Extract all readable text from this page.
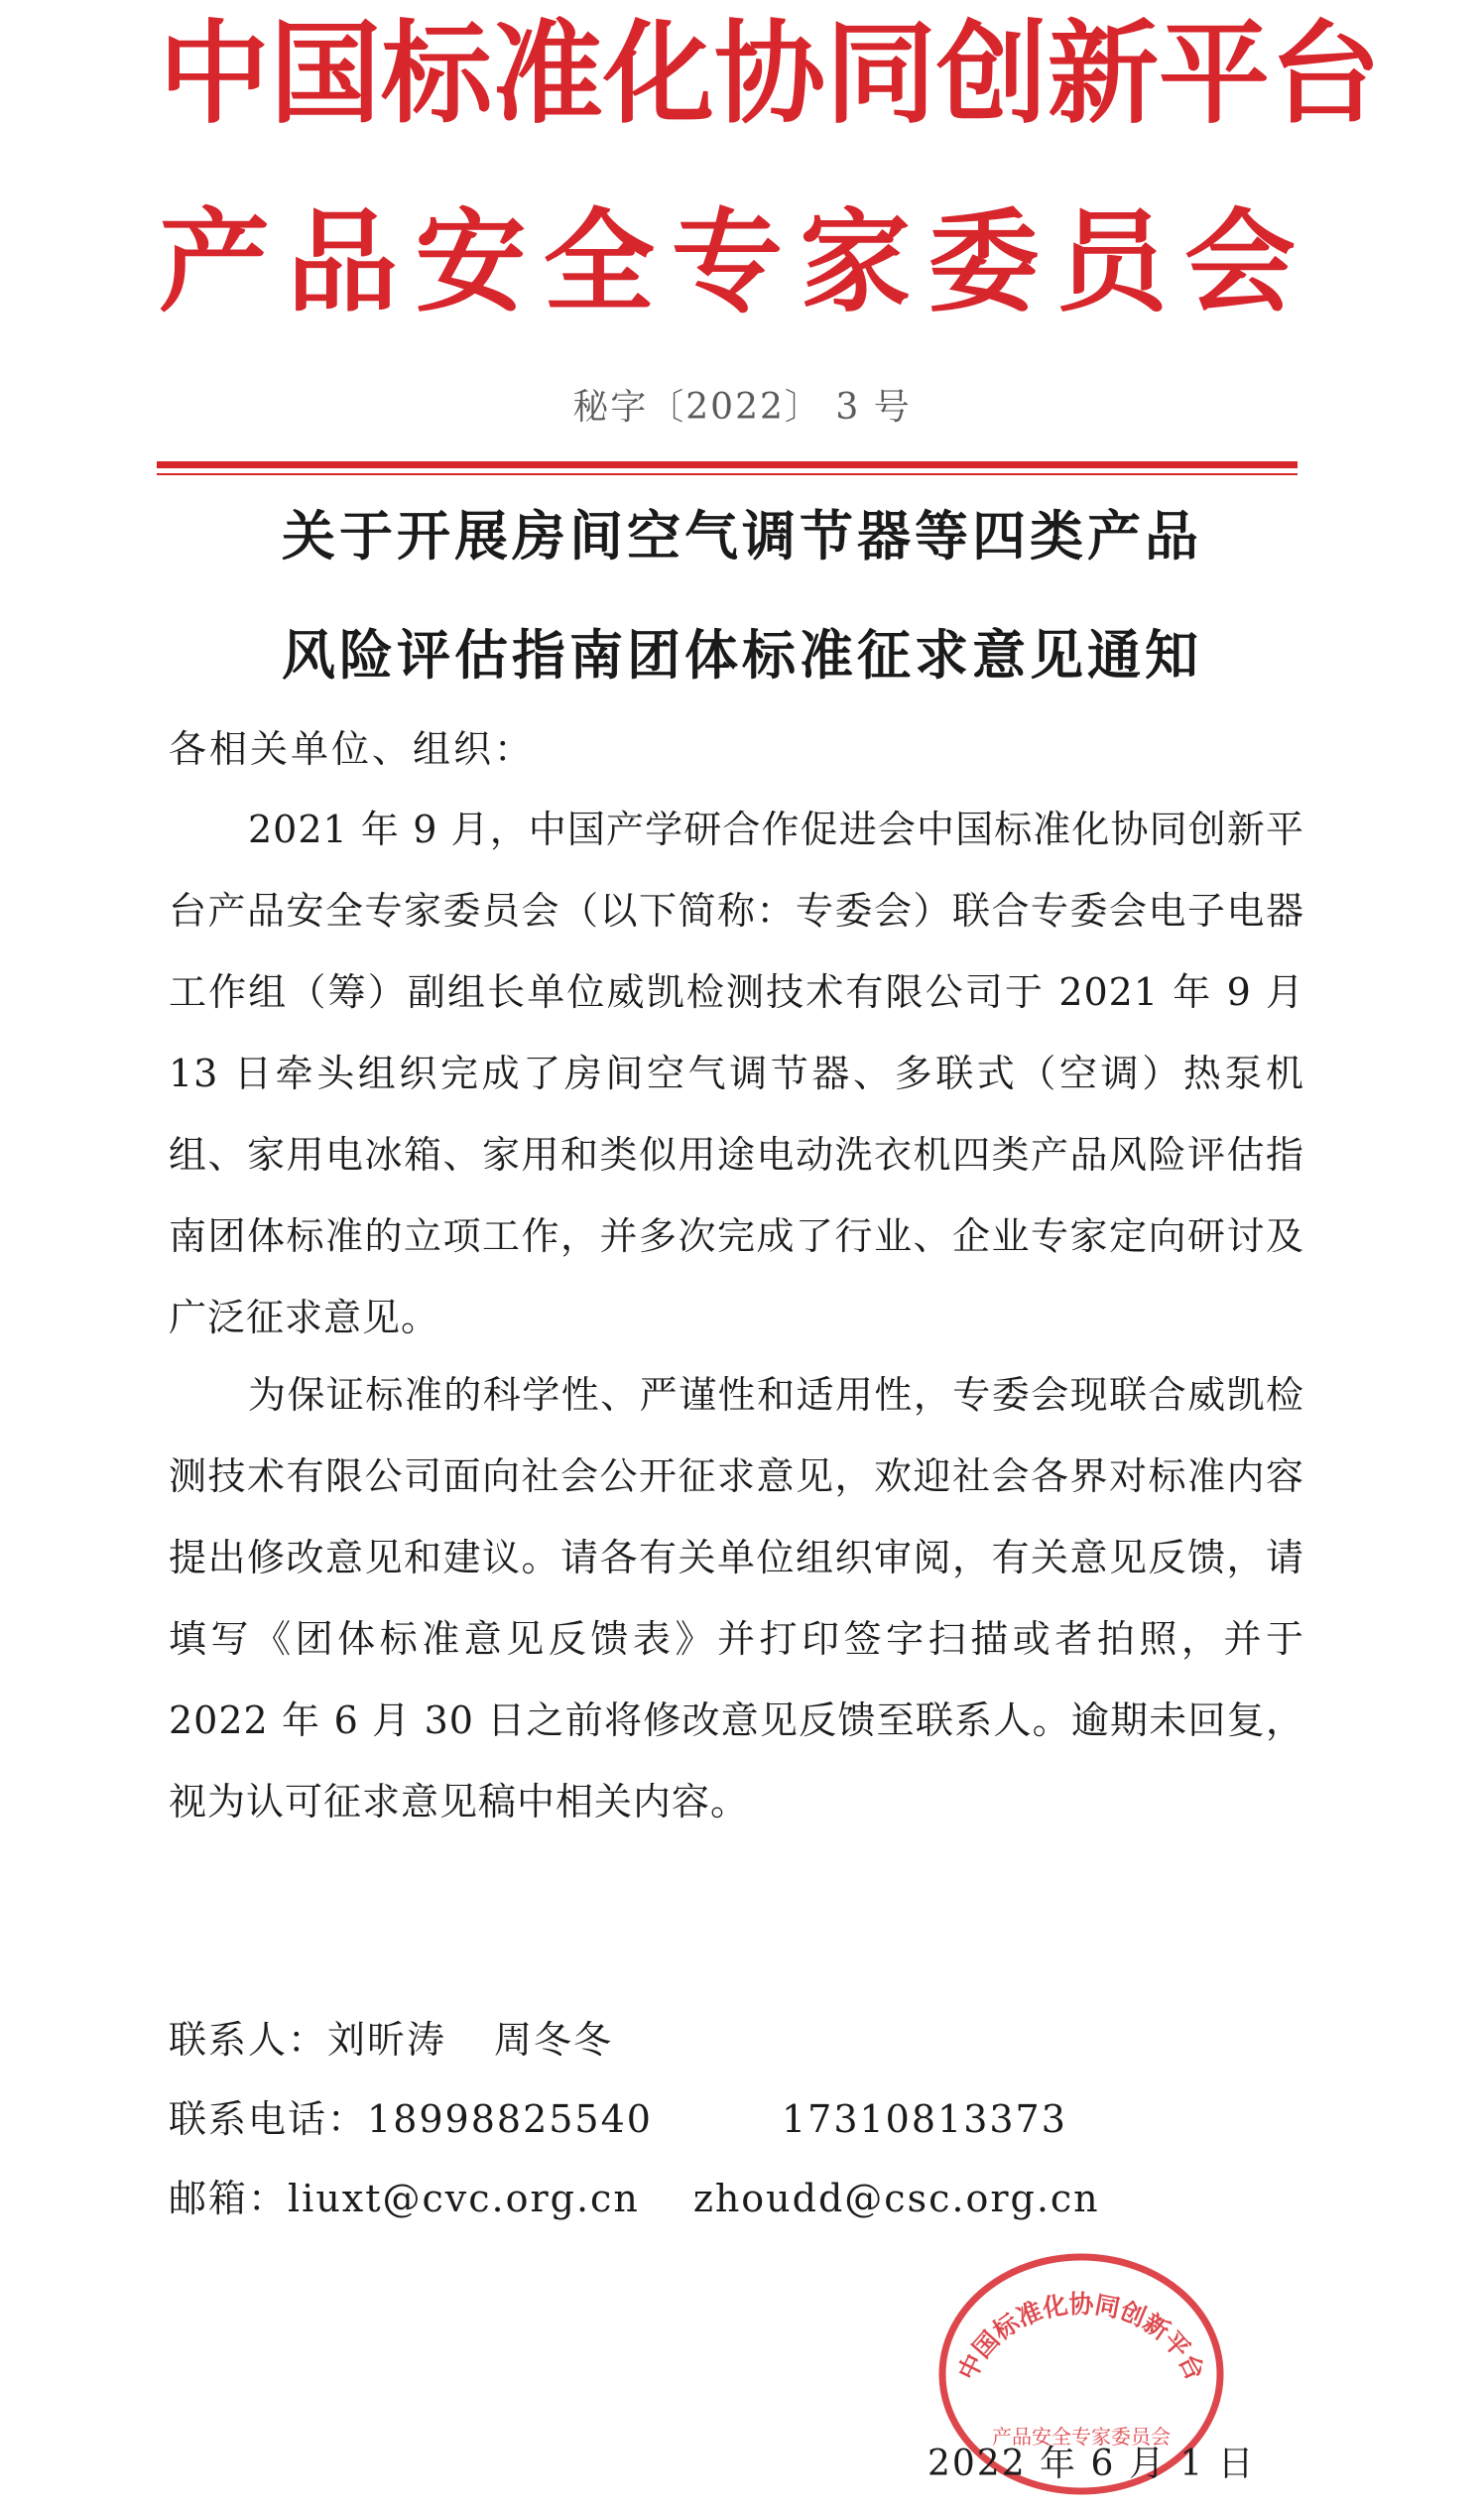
中国标准化协同创新平台
产品安全专家委员会
秘字〔2022〕 3 号
关于开展房间空气调节器等四类产品
风险评估指南团体标准征求意见通知
各相关单位、组织：
2021 年 9 月，中国产学研合作促进会中国标准化协同创新平台产品安全专家委员会（以下简称：专委会）联合专委会电子电器工作组（筹）副组长单位威凯检测技术有限公司于 2021 年 9 月 13 日牵头组织完成了房间空气调节器、多联式（空调）热泵机组、家用电冰箱、家用和类似用途电动洗衣机四类产品风险评估指南团体标准的立项工作，并多次完成了行业、企业专家定向研讨及广泛征求意见。
为保证标准的科学性、严谨性和适用性，专委会现联合威凯检测技术有限公司面向社会公开征求意见，欢迎社会各界对标准内容提出修改意见和建议。请各有关单位组织审阅，有关意见反馈，请填写《团体标准意见反馈表》并打印签字扫描或者拍照，并于 2022 年 6 月 30 日之前将修改意见反馈至联系人。逾期未回复，视为认可征求意见稿中相关内容。
联系人：刘昕涛 周冬冬
联系电话：18998825540	17310813373
邮箱：liuxt@cvc.org.cn zhoudd@csc.org.cn
中国标准化协同创新平台
产品安全专家委员会
2022 年 6 月 1 日
